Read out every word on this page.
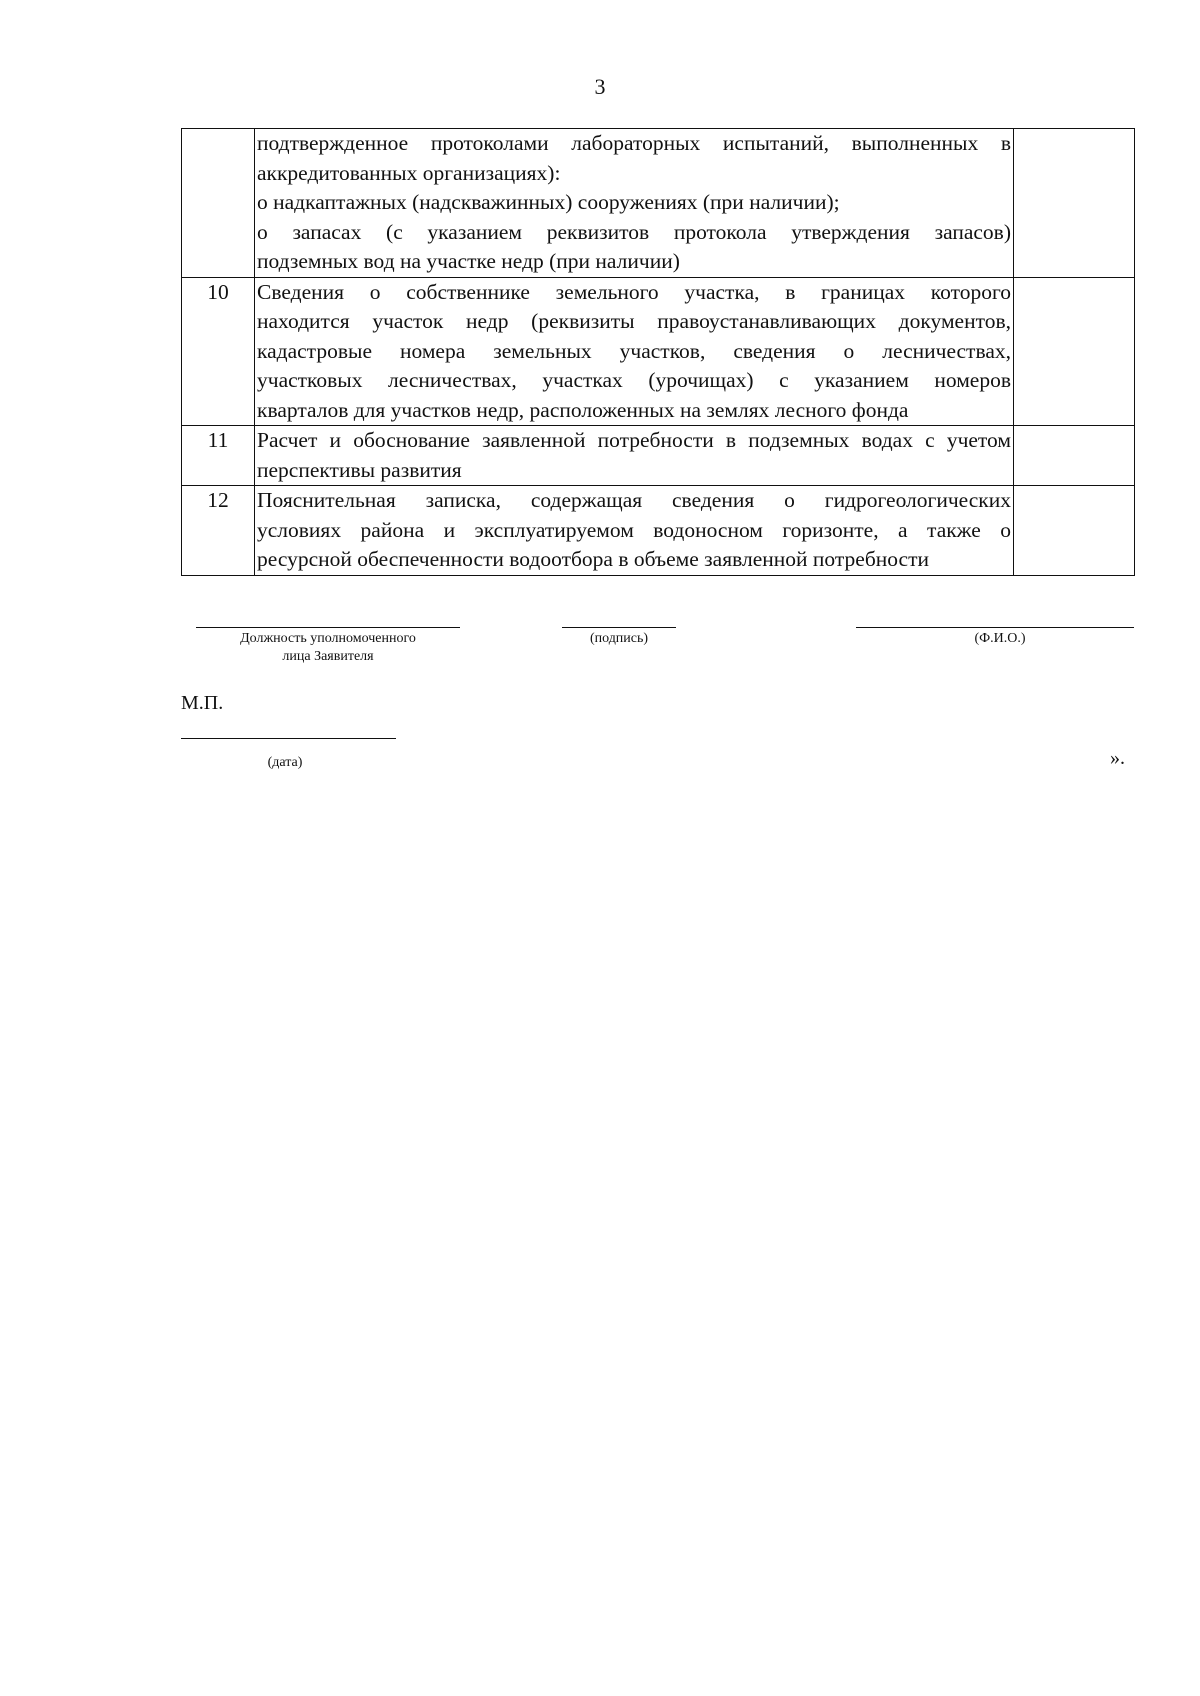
3

	подтвержденное протоколами лабораторных испытаний, выполненных в
аккредитованных организациях):
о надкаптажных (надскважинных) сооружениях (при наличии);
о запасах (с указанием реквизитов протокола утверждения запасов)
подземных вод на участке недр (при наличии)	

10	Сведения о собственнике земельного участка, в границах которого
находится участок недр (реквизиты правоустанавливающих документов,
кадастровые номера земельных участков, сведения о лесничествах,
участковых лесничествах, участках (урочищах) с указанием номеров
кварталов для участков недр, расположенных на землях лесного фонда	

11	Расчет и обоснование заявленной потребности в подземных водах с учетом
перспективы развития	

12	Пояснительная записка, содержащая сведения о гидрогеологических
условиях района и эксплуатируемом водоносном горизонте, а также о
ресурсной обеспеченности водоотбора в объеме заявленной потребности	

Должность уполномоченного
лица Заявителя
(подпись)	(Ф.И.О.)
М.П.
(дата)	».
